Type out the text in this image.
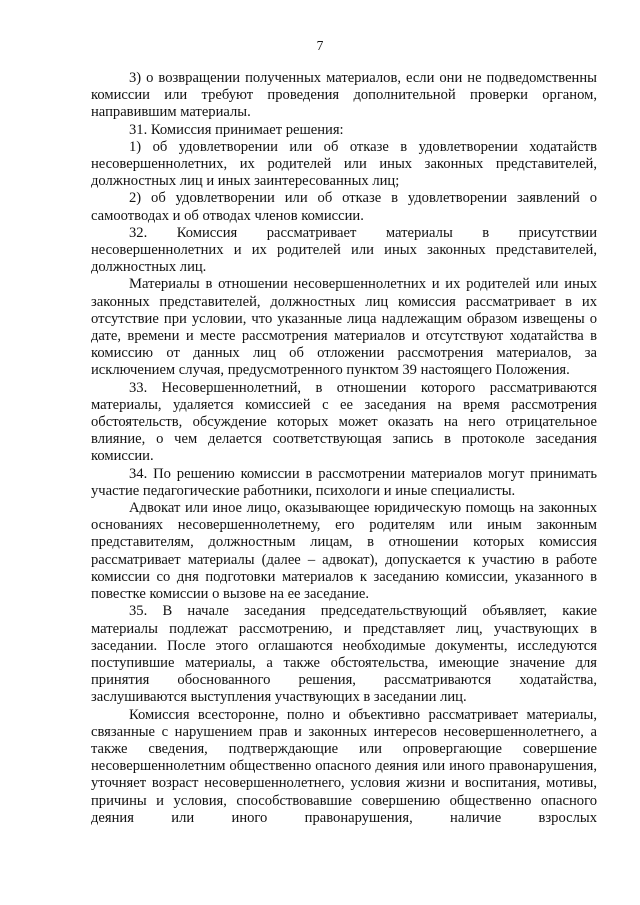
7

3) о возвращении полученных материалов, если они не подведомственны комиссии или требуют проведения дополнительной проверки органом, направившим материалы.

31. Комиссия принимает решения:

1) об удовлетворении или об отказе в удовлетворении ходатайств несовершеннолетних, их родителей или иных законных представителей, должностных лиц и иных заинтересованных лиц;

2) об удовлетворении или об отказе в удовлетворении заявлений о самоотводах и об отводах членов комиссии.

32. Комиссия рассматривает материалы в присутствии несовершеннолетних и их родителей или иных законных представителей, должностных лиц.

Материалы в отношении несовершеннолетних и их родителей или иных законных представителей, должностных лиц комиссия рассматривает в их отсутствие при условии, что указанные лица надлежащим образом извещены о дате, времени и месте рассмотрения материалов и отсутствуют ходатайства в комиссию от данных лиц об отложении рассмотрения материалов, за исключением случая, предусмотренного пунктом 39 настоящего Положения.

33. Несовершеннолетний, в отношении которого рассматриваются материалы, удаляется комиссией с ее заседания на время рассмотрения обстоятельств, обсуждение которых может оказать на него отрицательное влияние, о чем делается соответствующая запись в протоколе заседания комиссии.

34. По решению комиссии в рассмотрении материалов могут принимать участие педагогические работники, психологи и иные специалисты.

Адвокат или иное лицо, оказывающее юридическую помощь на законных основаниях несовершеннолетнему, его родителям или иным законным представителям, должностным лицам, в отношении которых комиссия рассматривает материалы (далее – адвокат), допускается к участию в работе комиссии со дня подготовки материалов к заседанию комиссии, указанного в повестке комиссии о вызове на ее заседание.

35. В начале заседания председательствующий объявляет, какие материалы подлежат рассмотрению, и представляет лиц, участвующих в заседании. После этого оглашаются необходимые документы, исследуются поступившие материалы, а также обстоятельства, имеющие значение для принятия обоснованного решения, рассматриваются ходатайства, заслушиваются выступления участвующих в заседании лиц.

Комиссия всесторонне, полно и объективно рассматривает материалы, связанные с нарушением прав и законных интересов несовершеннолетнего, а также сведения, подтверждающие или опровергающие совершение несовершеннолетним общественно опасного деяния или иного правонарушения, уточняет возраст несовершеннолетнего, условия жизни и воспитания, мотивы, причины и условия, способствовавшие совершению общественно опасного деяния или иного правонарушения, наличие взрослых
